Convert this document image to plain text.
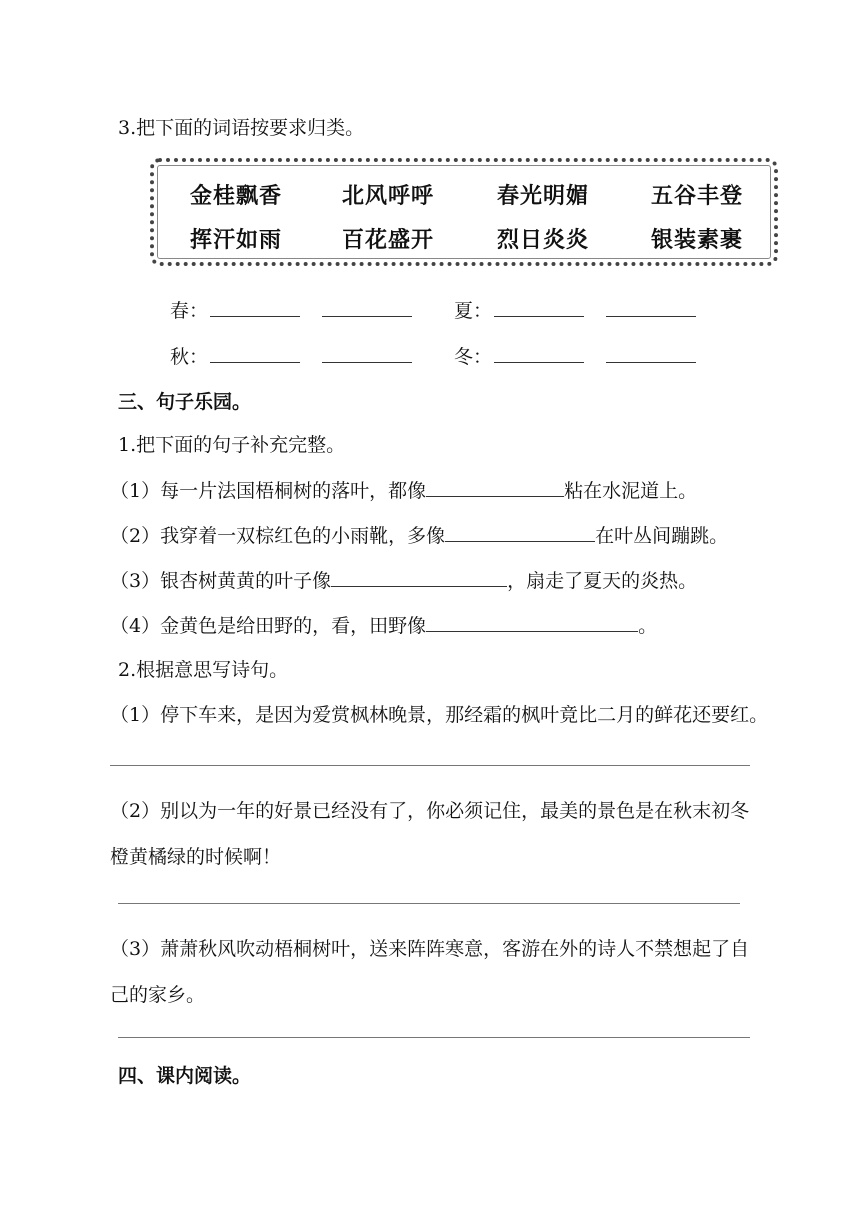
3.把下面的词语按要求归类。
金桂飘香	北风呼呼	春光明媚	五谷丰登
挥汗如雨	百花盛开	烈日炎炎	银装素裹
春：	夏：
秋：	冬：
三、句子乐园。
1.把下面的句子补充完整。
（1）每一片法国梧桐树的落叶，都像	粘在水泥道上。
（2）我穿着一双棕红色的小雨靴，多像	在叶丛间蹦跳。
（3）银杏树黄黄的叶子像	，扇走了夏天的炎热。
（4）金黄色是给田野的，看，田野像	。
2.根据意思写诗句。
（1）停下车来，是因为爱赏枫林晚景，那经霜的枫叶竟比二月的鲜花还要红。
（2）别以为一年的好景已经没有了，你必须记住，最美的景色是在秋末初冬
橙黄橘绿的时候啊！
（3）萧萧秋风吹动梧桐树叶，送来阵阵寒意，客游在外的诗人不禁想起了自
己的家乡。
四、课内阅读。
